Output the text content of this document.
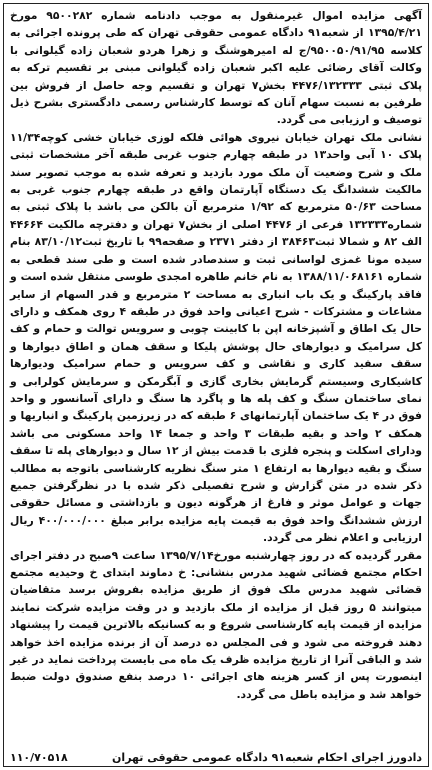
آگهی مزایده اموال غیرمنقول به موجب دادنامه شماره ۹۵۰۰۲۸۲ مورخ ۱۳۹۵/۴/۲۱ از شعبه۹۱ دادگاه عمومی حقوقی تهران که طی پرونده اجرائی به کلاسه ۹۵۰۰۵۰/۹۱/۹۵/ج له امیرهوشنگ و زهرا هردو شعبان زاده گیلوانی با وکالت آقای رضائی علیه اکبر شعبان زاده گیلوانی مبنی بر تقسیم ترکه به پلاک ثبتی ۴۴۷۶/۱۳۲۳۳۳ بخش۷ تهران و تقسیم وجه حاصل از فروش بین طرفین به نسبت سهام آنان که توسط کارشناس رسمی دادگستری بشرح ذیل توصیف و ارزیابی می گردد.

نشانی ملک تهران خیابان نیروی هوائی فلکه لوزی خیابان خشی کوچه۱۱/۳۴ پلاک ۱۰ آبی واحد۱۳ در طبقه چهارم جنوب غربی طبقه آخر مشخصات ثبتی ملک و شرح وضعیت آن ملک مورد بازدید و تعرفه شده به موجب تصویر سند مالکیت ششدانگ یک دستگاه آپارتمان واقع در طبقه چهارم جنوب غربی به مساحت ۵۰/۶۳ مترمربع که ۱/۹۲ مترمربع آن بالکن می باشد با پلاک ثبتی به شماره۱۳۲۳۳۳ فرعی از ۴۴۷۶ اصلی از بخش۷ تهران و دفترچه مالکیت ۴۴۶۶۴ الف ۸۲ و شمالا ثبت۳۸۴۶۳ از دفتر ۲۳۷۱ و صفحه۹۹ با تاریخ ثبت۸۳/۱۰/۱۲ بنام سیده مونا غمزی لواسانی ثبت و سندصادر شده است و طی سند قطعی به شماره ۱۳۸۸/۱۱/۰۶۸۱۶۱ به نام خانم طاهره امجدی طوسی منتقل شده است و فاقد پارکینگ و یک باب انباری به مساحت ۲ مترمربع و قدر السهام از سایر مشاعات و مشترکات - شرح اعیانی واحد فوق در طبقه ۴ روی همکف و دارای حال یک اطاق و آشپزخانه اپن با کابینت چوبی و سرویس توالت و حمام و کف کل سرامیک و دیوارهای حال پوشش پلیکا و سقف همان و اطاق دیوارها و سقف سفید کاری و نقاشی و کف سرویس و حمام سرامیک ودیوارها کاشیکاری وسیستم گرمایش بخاری گازی و آبگرمکن و سرمایش کولرابی و نمای ساختمان سنگ و کف پله ها و پاگرد ها سنگ و دارای آسانسور و واحد فوق در ۴ یک ساختمان آپارتمانهای ۶ طبقه که در زیرزمین پارکینگ و انباریها و همکف ۲ واحد و بقیه طبقات ۳ واحد و جمعا ۱۴ واحد مسکونی می باشد ودارای اسکلت و پنجره فلزی با قدمت بیش از ۱۲ سال و دیوارهای پله تا سقف سنگ و بقیه دیوارها به ارتفاع ۱ متر سنگ نظریه کارشناسی باتوجه به مطالب ذکر شده در متن گزارش و شرح تفصیلی ذکر شده با در نظرگرفتن جمیع جهات و عوامل موثر و فارغ از هرگونه دیون و بازداشتی و مسائل حقوقی ارزش ششدانگ واحد فوق به قیمت پایه مزایده برابر مبلغ ۴۰۰/۰۰۰/۰۰۰ ریال ارزیابی و اعلام نظر می گردد.

مقرر گردیده که در روز چهارشنبه مورخ۱۳۹۵/۷/۱۴ ساعت ۹صبح در دفتر اجرای احکام مجتمع قضائی شهید مدرس بنشانی: خ دماوند ابتدای خ وحیدیه مجتمع قضائی شهید مدرس ملک فوق از طریق مزایده بفروش برسد متقاضیان میتوانند ۵ روز قبل از مزایده از ملک بازدید و در وقت مزایده شرکت نمایند مزایده از قیمت پایه کارشناسی شروع و به کسانیکه بالاترین قیمت را پیشنهاد دهند فروخته می شود و فی المجلس ده درصد آن از برنده مزایده اخذ خواهد شد و الباقی آنرا از تاریخ مزایده ظرف یک ماه می بایست پرداخت نماید در غیر اینصورت پس از کسر هزینه های اجرائی ۱۰ درصد بنفع صندوق دولت ضبط خواهد شد و مزایده باطل می گردد.

دادورز اجرای احکام شعبه۹۱ دادگاه عمومی حقوقی تهران
۱۱۰/۷۰۵۱۸
